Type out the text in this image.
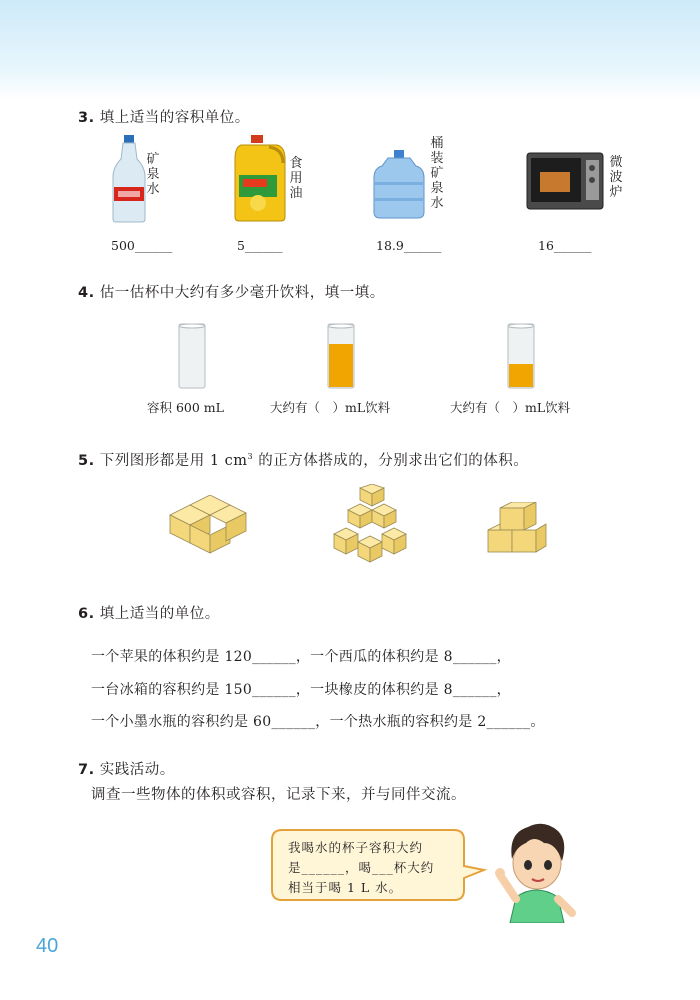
3. 填上适当的容积单位。
矿泉水
食用油
桶装矿泉水
微波炉
500______	5______	18.9______	16______
4. 估一估杯中大约有多少毫升饮料，填一填。
容积 600 mL	大约有（　）mL饮料	大约有（　）mL饮料
5. 下列图形都是用 1 $cm^3$ 的正方体搭成的，分别求出它们的体积。
6. 填上适当的单位。
一个苹果的体积约是 120______，一个西瓜的体积约是 8______，
一台冰箱的容积约是 150______，一块橡皮的体积约是 8______，
一个小墨水瓶的容积约是 60______，一个热水瓶的容积约是 2______。
7. 实践活动。
调查一些物体的体积或容积，记录下来，并与同伴交流。
我喝水的杯子容积大约
是______，喝___杯大约
相当于喝 1 L 水。
40
